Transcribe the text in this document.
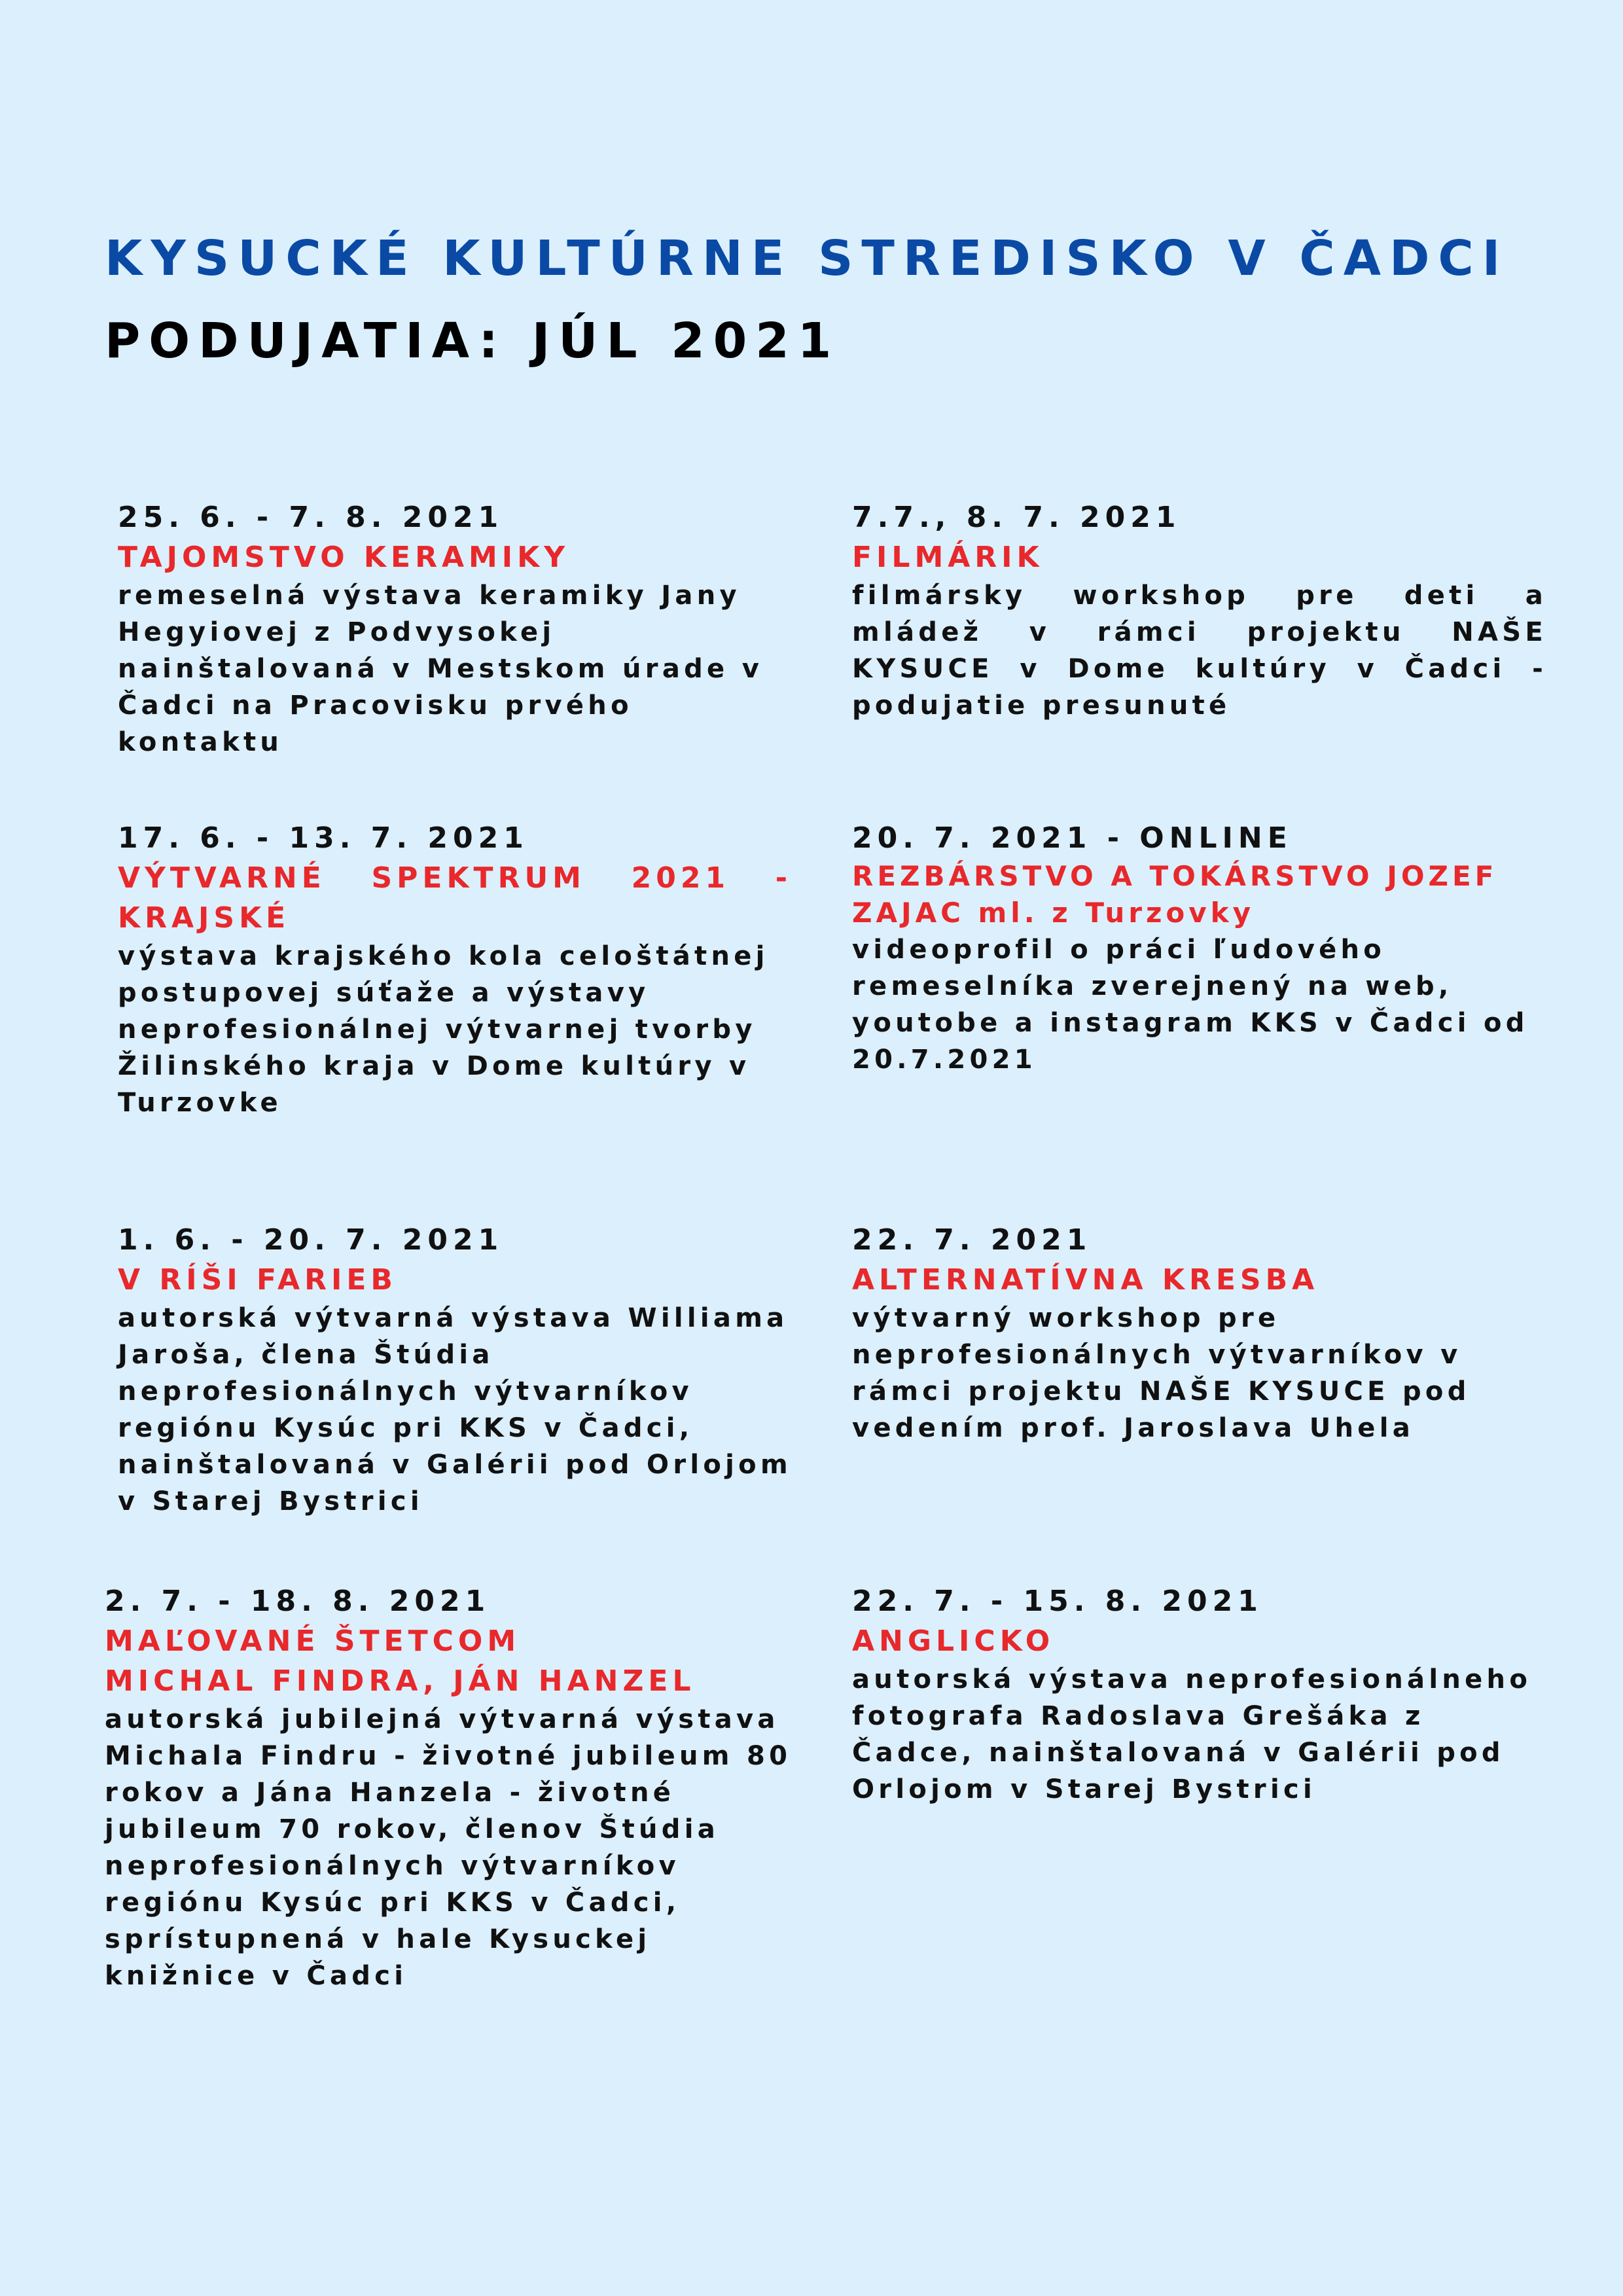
KYSUCKÉ KULTÚRNE STREDISKO V ČADCI
PODUJATIA: JÚL 2021
25. 6. - 7. 8. 2021
TAJOMSTVO KERAMIKY
remeselná výstava keramiky Jany Hegyiovej z Podvysokej nainštalovaná v Mestskom úrade v Čadci na Pracovisku prvého kontaktu
7.7., 8. 7. 2021
FILMÁRIK
filmársky workshop pre deti a mládež v rámci projektu NAŠE KYSUCE v Dome kultúry v Čadci - podujatie presunuté
17. 6. - 13. 7. 2021
VÝTVARNÉ SPEKTRUM 2021 - KRAJSKÉ
výstava krajského kola celoštátnej postupovej súťaže a výstavy neprofesionálnej výtvarnej tvorby Žilinského kraja v Dome kultúry v Turzovke
20. 7. 2021 - ONLINE
REZBÁRSTVO A TOKÁRSTVO JOZEF ZAJAC ml. z Turzovky
videoprofil o práci ľudového remeselníka zverejnený na web, youtobe a instagram KKS v Čadci od 20.7.2021
1. 6. - 20. 7. 2021
V RÍŠI FARIEB
autorská výtvarná výstava Williama Jaroša, člena Štúdia neprofesionálnych výtvarníkov regiónu Kysúc pri KKS v Čadci, nainštalovaná v Galérii pod Orlojom v Starej Bystrici
22. 7. 2021
ALTERNATÍVNA KRESBA
výtvarný workshop pre neprofesionálnych výtvarníkov v rámci projektu NAŠE KYSUCE pod vedením prof. Jaroslava Uhela
2. 7. - 18. 8. 2021
MAĽOVANÉ ŠTETCOM
MICHAL FINDRA, JÁN HANZEL
autorská jubilejná výtvarná výstava Michala Findru - životné jubileum 80 rokov a Jána Hanzela - životné jubileum 70 rokov, členov Štúdia neprofesionálnych výtvarníkov regiónu Kysúc pri KKS v Čadci, sprístupnená v hale Kysuckej knižnice v Čadci
22. 7. - 15. 8. 2021
ANGLICKO
autorská výstava neprofesionálneho fotografa Radoslava Grešáka z Čadce, nainštalovaná v Galérii pod Orlojom v Starej Bystrici
